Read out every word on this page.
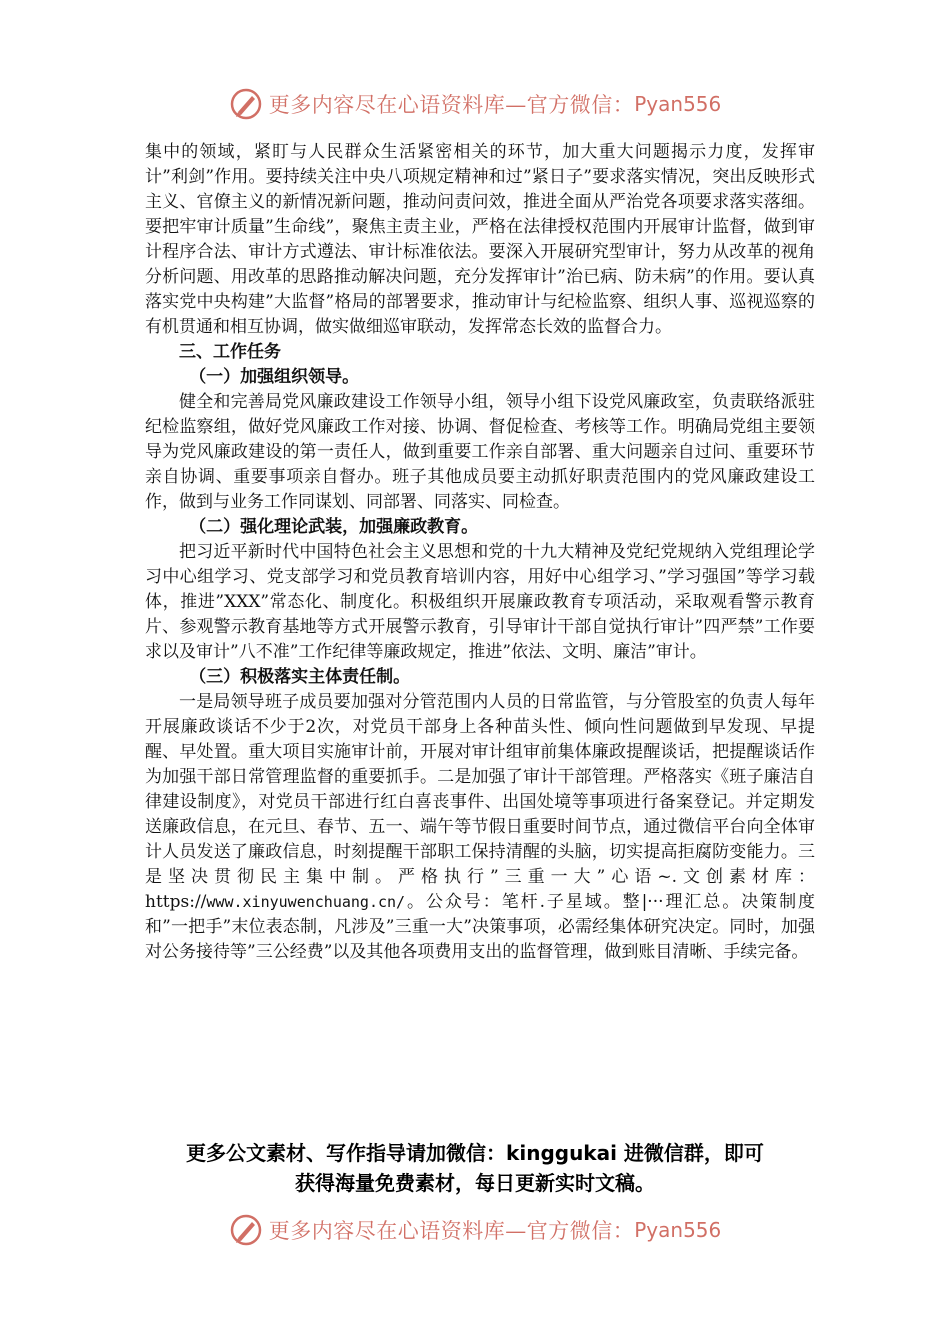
更多内容尽在心语资料库—官方微信： Pyan556

集中的领域，紧盯与人民群众生活紧密相关的环节，加大重大问题揭示力度，发挥审计”利剑”作用。要持续关注中央八项规定精神和过”紧日子”要求落实情况，突出反映形式主义、官僚主义的新情况新问题，推动问责问效，推进全面从严治党各项要求落实落细。要把牢审计质量”生命线”，聚焦主责主业，严格在法律授权范围内开展审计监督，做到审计程序合法、审计方式遵法、审计标准依法。要深入开展研究型审计，努力从改革的视角分析问题、用改革的思路推动解决问题，充分发挥审计”治已病、防未病”的作用。要认真落实党中央构建”大监督”格局的部署要求，推动审计与纪检监察、组织人事、巡视巡察的有机贯通和相互协调，做实做细巡审联动，发挥常态长效的监督合力。

三、工作任务

（一）加强组织领导。

健全和完善局党风廉政建设工作领导小组，领导小组下设党风廉政室，负责联络派驻纪检监察组，做好党风廉政工作对接、协调、督促检查、考核等工作。明确局党组主要领导为党风廉政建设的第一责任人，做到重要工作亲自部署、重大问题亲自过问、重要环节亲自协调、重要事项亲自督办。班子其他成员要主动抓好职责范围内的党风廉政建设工作，做到与业务工作同谋划、同部署、同落实、同检查。

（二）强化理论武装，加强廉政教育。

把习近平新时代中国特色社会主义思想和党的十九大精神及党纪党规纳入党组理论学习中心组学习、党支部学习和党员教育培训内容，用好中心组学习、”学习强国”等学习载体，推进”XXX”常态化、制度化。积极组织开展廉政教育专项活动，采取观看警示教育片、参观警示教育基地等方式开展警示教育，引导审计干部自觉执行审计”四严禁”工作要求以及审计”八不准”工作纪律等廉政规定，推进”依法、文明、廉洁”审计。

（三）积极落实主体责任制。

一是局领导班子成员要加强对分管范围内人员的日常监管，与分管股室的负责人每年开展廉政谈话不少于2次，对党员干部身上各种苗头性、倾向性问题做到早发现、早提醒、早处置。重大项目实施审计前，开展对审计组审前集体廉政提醒谈话，把提醒谈话作为加强干部日常管理监督的重要抓手。二是加强了审计干部管理。严格落实《班子廉洁自律建设制度》，对党员干部进行红白喜丧事件、出国处境等事项进行备案登记。并定期发送廉政信息，在元旦、春节、五一、端午等节假日重要时间节点，通过微信平台向全体审计人员发送了廉政信息，时刻提醒干部职工保持清醒的头脑，切实提高拒腐防变能力。三是坚决贯彻民主集中制。严格执行”三重一大”心语~.文创素材库：https://www.xinyuwenchuang.cn/。公众号：笔杆.子星域。整|···理汇总。决策制度和”一把手”末位表态制，凡涉及”三重一大”决策事项，必需经集体研究决定。同时，加强对公务接待等”三公经费”以及其他各项费用支出的监督管理，做到账目清晰、手续完备。

更多公文素材、写作指导请加微信：kinggukai 进微信群，即可

获得海量免费素材，每日更新实时文稿。

更多内容尽在心语资料库—官方微信： Pyan556
